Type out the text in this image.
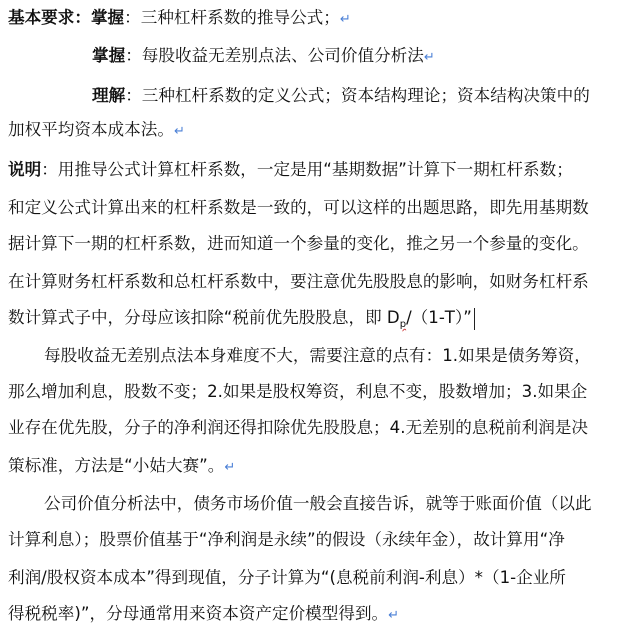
基本要求：掌握：三种杠杆系数的推导公式；↵
掌握：每股收益无差别点法、公司价值分析法↵
理解：三种杠杆系数的定义公式；资本结构理论；资本结构决策中的
加权平均资本成本法。↵
说明：用推导公式计算杠杆系数，一定是用“基期数据”计算下一期杠杆系数；
和定义公式计算出来的杠杆系数是一致的，可以这样的出题思路，即先用基期数
据计算下一期的杠杆系数，进而知道一个参量的变化，推之另一个参量的变化。
在计算财务杠杆系数和总杠杆系数中，要注意优先股股息的影响，如财务杠杆系
数计算式子中，分母应该扣除“税前优先股股息，即 $D_p/(1-T)$”
每股收益无差别点法本身难度不大，需要注意的点有：1.如果是债务筹资，
那么增加利息，股数不变；2.如果是股权筹资，利息不变，股数增加；3.如果企
业存在优先股，分子的净利润还得扣除优先股股息；4.无差别的息税前利润是决
策标准，方法是“小姑大赛”。↵
公司价值分析法中，债务市场价值一般会直接告诉，就等于账面价值（以此
计算利息）；股票价值基于“净利润是永续”的假设（永续年金），故计算用“净
利润/股权资本成本”得到现值，分子计算为“(息税前利润-利息）*（1-企业所
得税税率)”，分母通常用来资本资产定价模型得到。↵
